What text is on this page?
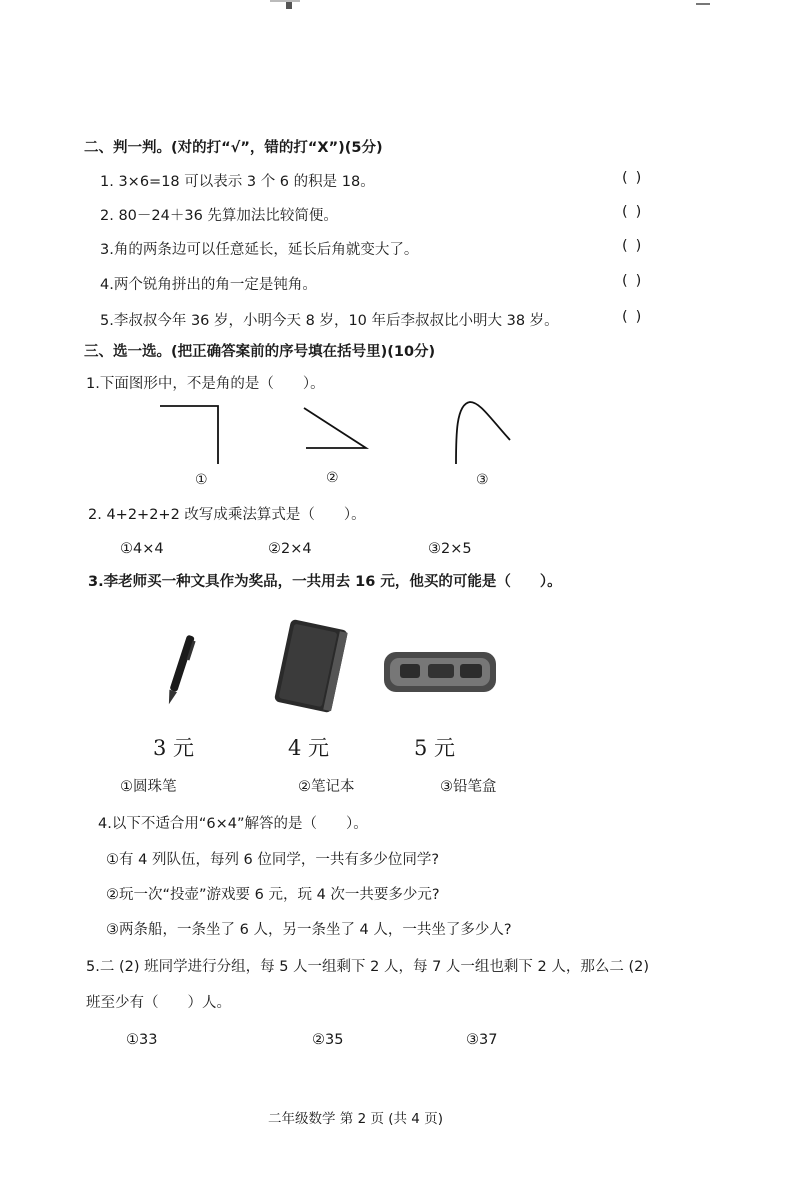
二、判一判。(对的打“√”，错的打“X”)(5分)
1. 3×6=18 可以表示 3 个 6 的积是 18。	()
2. 80－24＋36 先算加法比较简便。	()
3.角的两条边可以任意延长，延长后角就变大了。	()
4.两个锐角拼出的角一定是钝角。	()
5.李叔叔今年 36 岁，小明今天 8 岁，10 年后李叔叔比小明大 38 岁。	()
三、选一选。(把正确答案前的序号填在括号里)(10分)
1.下面图形中，不是角的是（　　）。
①	②	③
2. 4+2+2+2 改写成乘法算式是（　　）。
①4×4	②2×4	③2×5
3.李老师买一种文具作为奖品，一共用去 16 元，他买的可能是（　　）。
3 元	4 元	5 元
①圆珠笔	②笔记本	③铅笔盒
4.以下不适合用“6×4”解答的是（　　）。
①有 4 列队伍，每列 6 位同学，一共有多少位同学?
②玩一次“投壶”游戏要 6 元，玩 4 次一共要多少元?
③两条船，一条坐了 6 人，另一条坐了 4 人，一共坐了多少人?
5.二 (2) 班同学进行分组，每 5 人一组剩下 2 人，每 7 人一组也剩下 2 人，那么二 (2)
班至少有（　　）人。
①33	②35	③37
二年级数学 第 2 页 (共 4 页)
